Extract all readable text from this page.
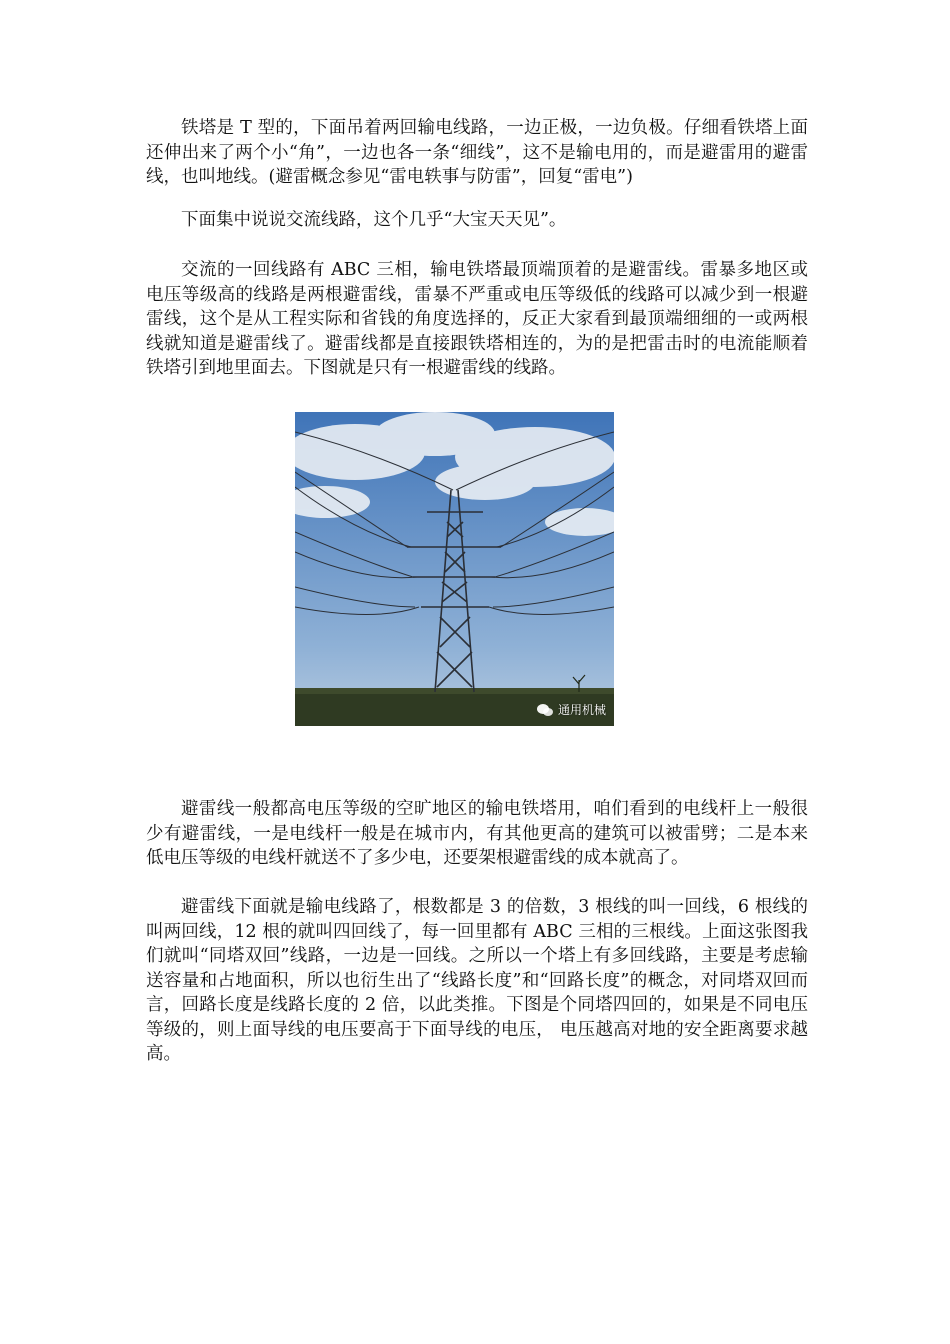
铁塔是 T 型的，下面吊着两回输电线路，一边正极，一边负极。仔细看铁塔上面还伸出来了两个小“角”，一边也各一条“细线”，这不是输电用的，而是避雷用的避雷线，也叫地线。(避雷概念参见“雷电轶事与防雷”，回复“雷电”)

下面集中说说交流线路，这个几乎“大宝天天见”。

交流的一回线路有 ABC 三相，输电铁塔最顶端顶着的是避雷线。雷暴多地区或电压等级高的线路是两根避雷线，雷暴不严重或电压等级低的线路可以减少到一根避雷线，这个是从工程实际和省钱的角度选择的，反正大家看到最顶端细细的一或两根线就知道是避雷线了。避雷线都是直接跟铁塔相连的，为的是把雷击时的电流能顺着铁塔引到地里面去。下图就是只有一根避雷线的线路。

通用机械

避雷线一般都高电压等级的空旷地区的输电铁塔用，咱们看到的电线杆上一般很少有避雷线，一是电线杆一般是在城市内，有其他更高的建筑可以被雷劈；二是本来低电压等级的电线杆就送不了多少电，还要架根避雷线的成本就高了。

避雷线下面就是输电线路了，根数都是 3 的倍数，3 根线的叫一回线，6 根线的叫两回线，12 根的就叫四回线了，每一回里都有 ABC 三相的三根线。上面这张图我们就叫“同塔双回”线路，一边是一回线。之所以一个塔上有多回线路，主要是考虑输送容量和占地面积，所以也衍生出了“线路长度”和“回路长度”的概念，对同塔双回而言，回路长度是线路长度的 2 倍，以此类推。下图是个同塔四回的，如果是不同电压等级的，则上面导线的电压要高于下面导线的电压， 电压越高对地的安全距离要求越高。
